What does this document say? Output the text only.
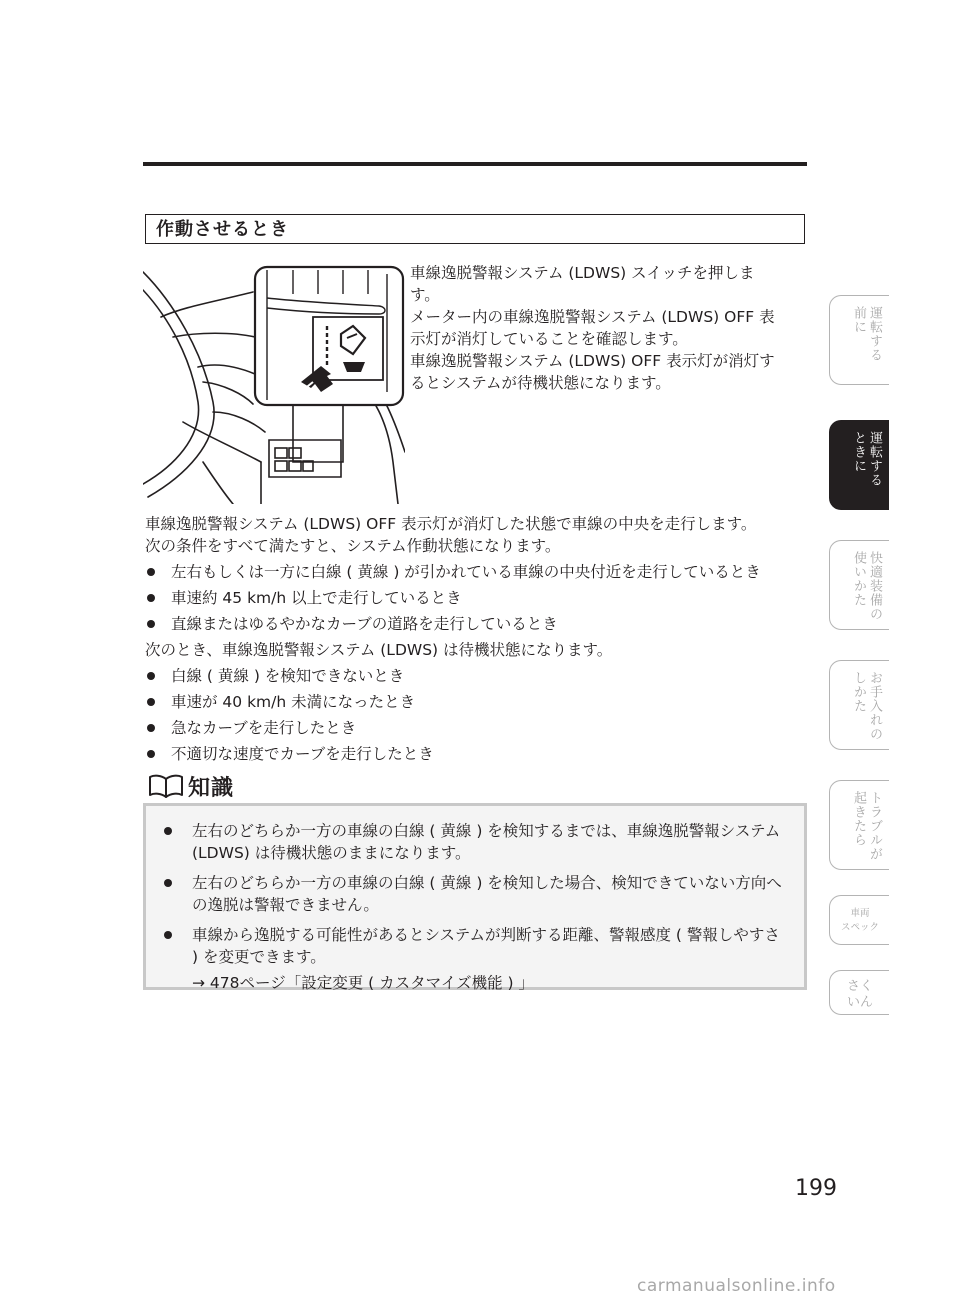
作動させるとき

車線逸脱警報システム (LDWS) スイッチを押しま

す。

メーター内の車線逸脱警報システム (LDWS) OFF 表

示灯が消灯していることを確認します。

車線逸脱警報システム (LDWS) OFF 表示灯が消灯す

るとシステムが待機状態になります。

車線逸脱警報システム (LDWS) OFF 表示灯が消灯した状態で車線の中央を走行します。

次の条件をすべて満たすと、システム作動状態になります。

左右もしくは一方に白線 ( 黄線 ) が引かれている車線の中央付近を走行しているとき
車速約 45 km/h 以上で走行しているとき
直線またはゆるやかなカーブの道路を走行しているとき

次のとき、車線逸脱警報システム (LDWS) は待機状態になります。

白線 ( 黄線 ) を検知できないとき
車速が 40 km/h 未満になったとき
急なカーブを走行したとき
不適切な速度でカーブを走行したとき
知識
左右のどちらか一方の車線の白線 ( 黄線 ) を検知するまでは、車線逸脱警報システム (LDWS) は待機状態のままになります。
左右のどちらか一方の車線の白線 ( 黄線 ) を検知した場合、検知できていない方向への逸脱は警報できません。
車線から逸脱する可能性があるとシステムが判断する距離、警報感度 ( 警報しやすさ ) を変更できます。
→ 478ページ「設定変更 ( カスタマイズ機能 ) 」
運転する
前に
運転する
ときに
快適装備の
使いかた
お手入れの
しかた
トラブルが
起きたら
車両
スペック
さく
いん
199
carmanualsonline.info
